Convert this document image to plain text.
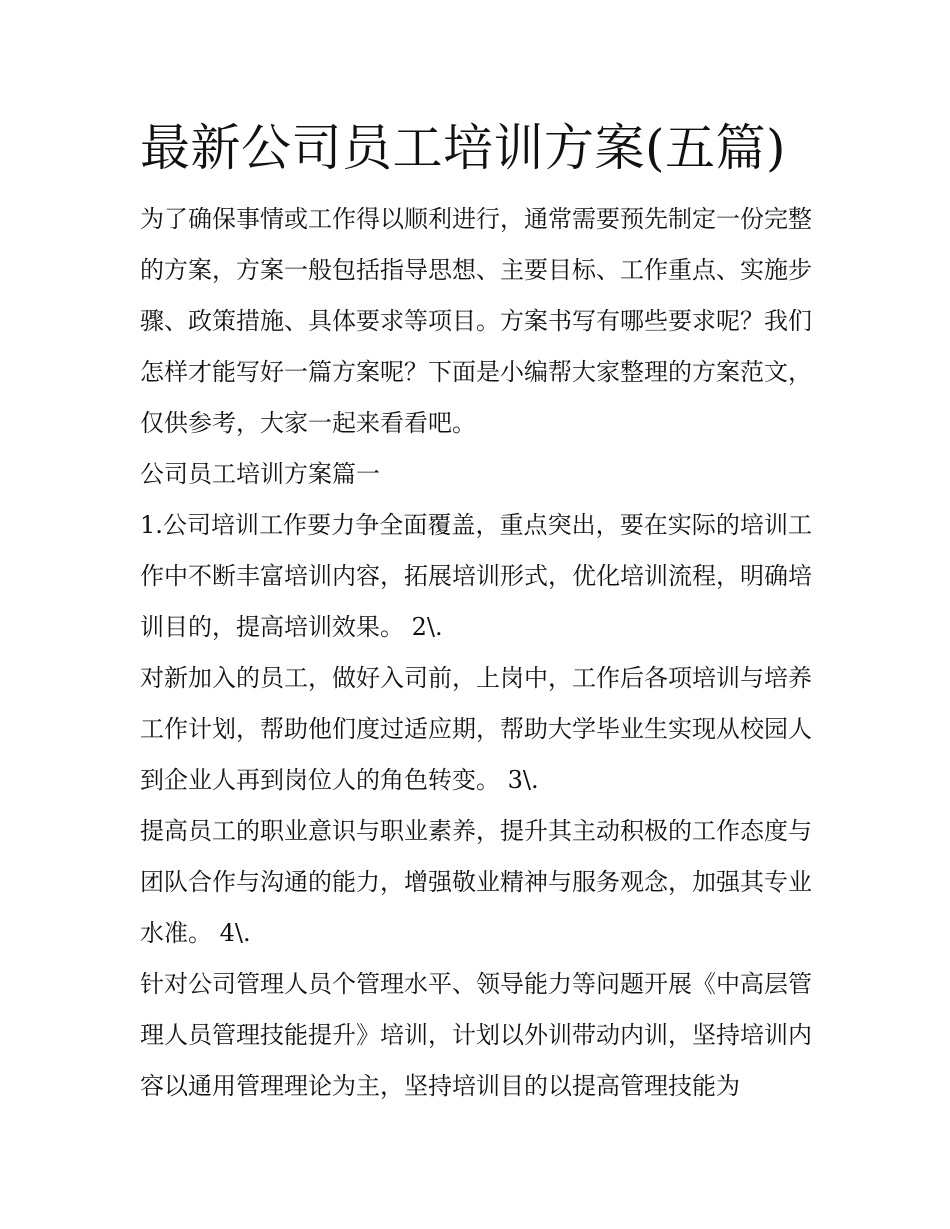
最新公司员工培训方案(五篇)

为了确保事情或工作得以顺利进行，通常需要预先制定一份完整的方案，方案一般包括指导思想、主要目标、工作重点、实施步骤、政策措施、具体要求等项目。方案书写有哪些要求呢？我们怎样才能写好一篇方案呢？下面是小编帮大家整理的方案范文，仅供参考，大家一起来看看吧。

公司员工培训方案篇一

1.公司培训工作要力争全面覆盖，重点突出，要在实际的培训工作中不断丰富培训内容，拓展培训形式，优化培训流程，明确培训目的，提高培训效果。 2\.

对新加入的员工，做好入司前，上岗中，工作后各项培训与培养工作计划，帮助他们度过适应期，帮助大学毕业生实现从校园人到企业人再到岗位人的角色转变。 3\.

提高员工的职业意识与职业素养，提升其主动积极的工作态度与团队合作与沟通的能力，增强敬业精神与服务观念，加强其专业水准。 4\.

针对公司管理人员个管理水平、领导能力等问题开展《中高层管理人员管理技能提升》培训，计划以外训带动内训，坚持培训内容以通用管理理论为主，坚持培训目的以提高管理技能为
